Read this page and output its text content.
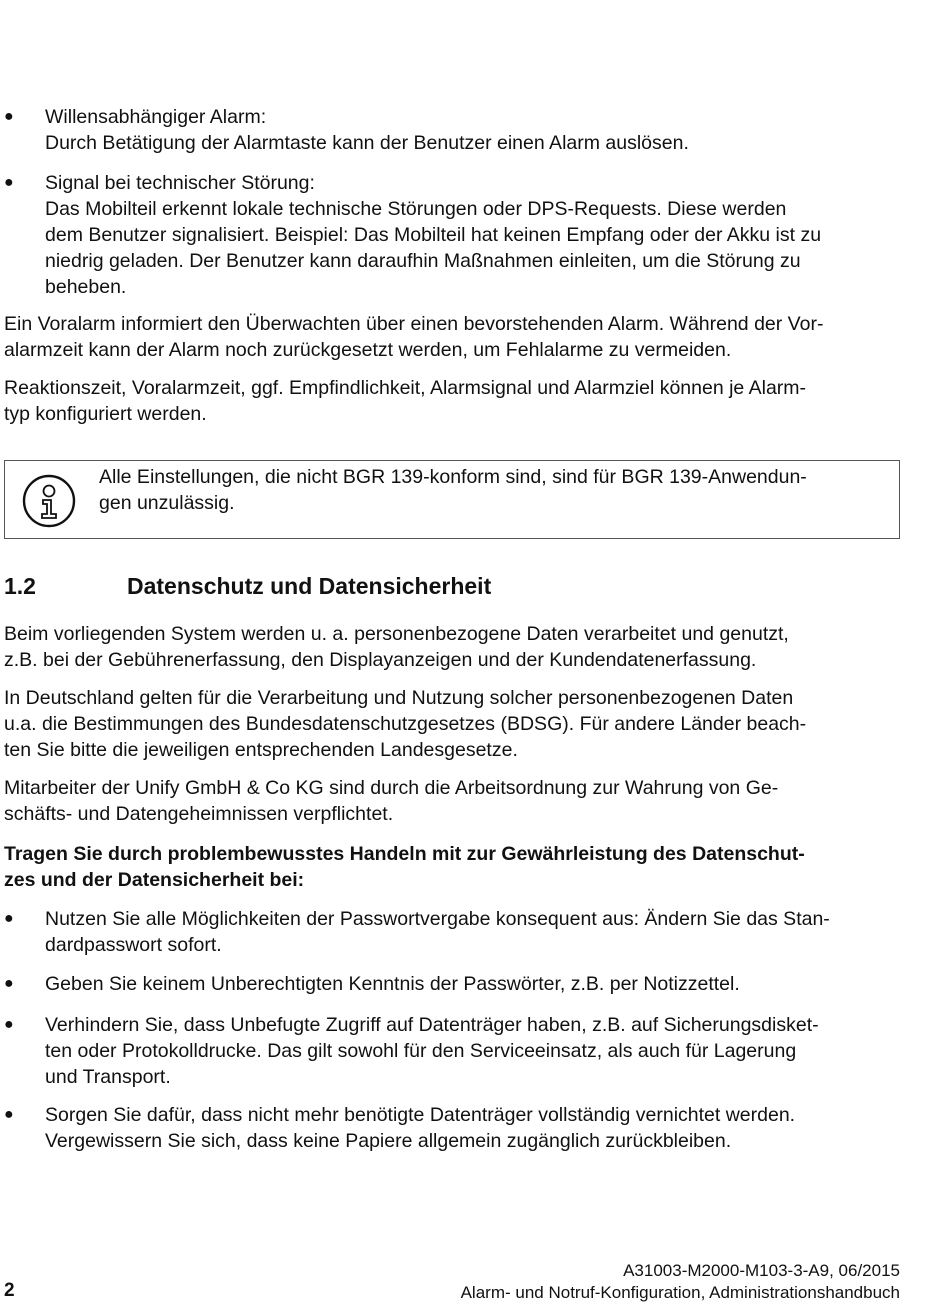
● Willensabhängiger Alarm:
Durch Betätigung der Alarmtaste kann der Benutzer einen Alarm auslösen.
● Signal bei technischer Störung:
Das Mobilteil erkennt lokale technische Störungen oder DPS-Requests. Diese werden
dem Benutzer signalisiert. Beispiel: Das Mobilteil hat keinen Empfang oder der Akku ist zu
niedrig geladen. Der Benutzer kann daraufhin Maßnahmen einleiten, um die Störung zu
beheben.
Ein Voralarm informiert den Überwachten über einen bevorstehenden Alarm. Während der Vor-
alarmzeit kann der Alarm noch zurückgesetzt werden, um Fehlalarme zu vermeiden.
Reaktionszeit, Voralarmzeit, ggf. Empfindlichkeit, Alarmsignal und Alarmziel können je Alarm-
typ konfiguriert werden.
Alle Einstellungen, die nicht BGR 139-konform sind, sind für BGR 139-Anwendun-
gen unzulässig.
1.2	Datenschutz und Datensicherheit
Beim vorliegenden System werden u. a. personenbezogene Daten verarbeitet und genutzt,
z.B. bei der Gebührenerfassung, den Displayanzeigen und der Kundendatenerfassung.
In Deutschland gelten für die Verarbeitung und Nutzung solcher personenbezogenen Daten
u.a. die Bestimmungen des Bundesdatenschutzgesetzes (BDSG). Für andere Länder beach-
ten Sie bitte die jeweiligen entsprechenden Landesgesetze.
Mitarbeiter der Unify GmbH & Co KG sind durch die Arbeitsordnung zur Wahrung von Ge-
schäfts- und Datengeheimnissen verpflichtet.
Tragen Sie durch problembewusstes Handeln mit zur Gewährleistung des Datenschut-
zes und der Datensicherheit bei:
● Nutzen Sie alle Möglichkeiten der Passwortvergabe konsequent aus: Ändern Sie das Stan-
dardpasswort sofort.
● Geben Sie keinem Unberechtigten Kenntnis der Passwörter, z.B. per Notizzettel.
● Verhindern Sie, dass Unbefugte Zugriff auf Datenträger haben, z.B. auf Sicherungsdisket-
ten oder Protokolldrucke. Das gilt sowohl für den Serviceeinsatz, als auch für Lagerung
und Transport.
● Sorgen Sie dafür, dass nicht mehr benötigte Datenträger vollständig vernichtet werden.
Vergewissern Sie sich, dass keine Papiere allgemein zugänglich zurückbleiben.
A31003-M2000-M103-3-A9, 06/2015
Alarm- und Notruf-Konfiguration, Administrationshandbuch
2
